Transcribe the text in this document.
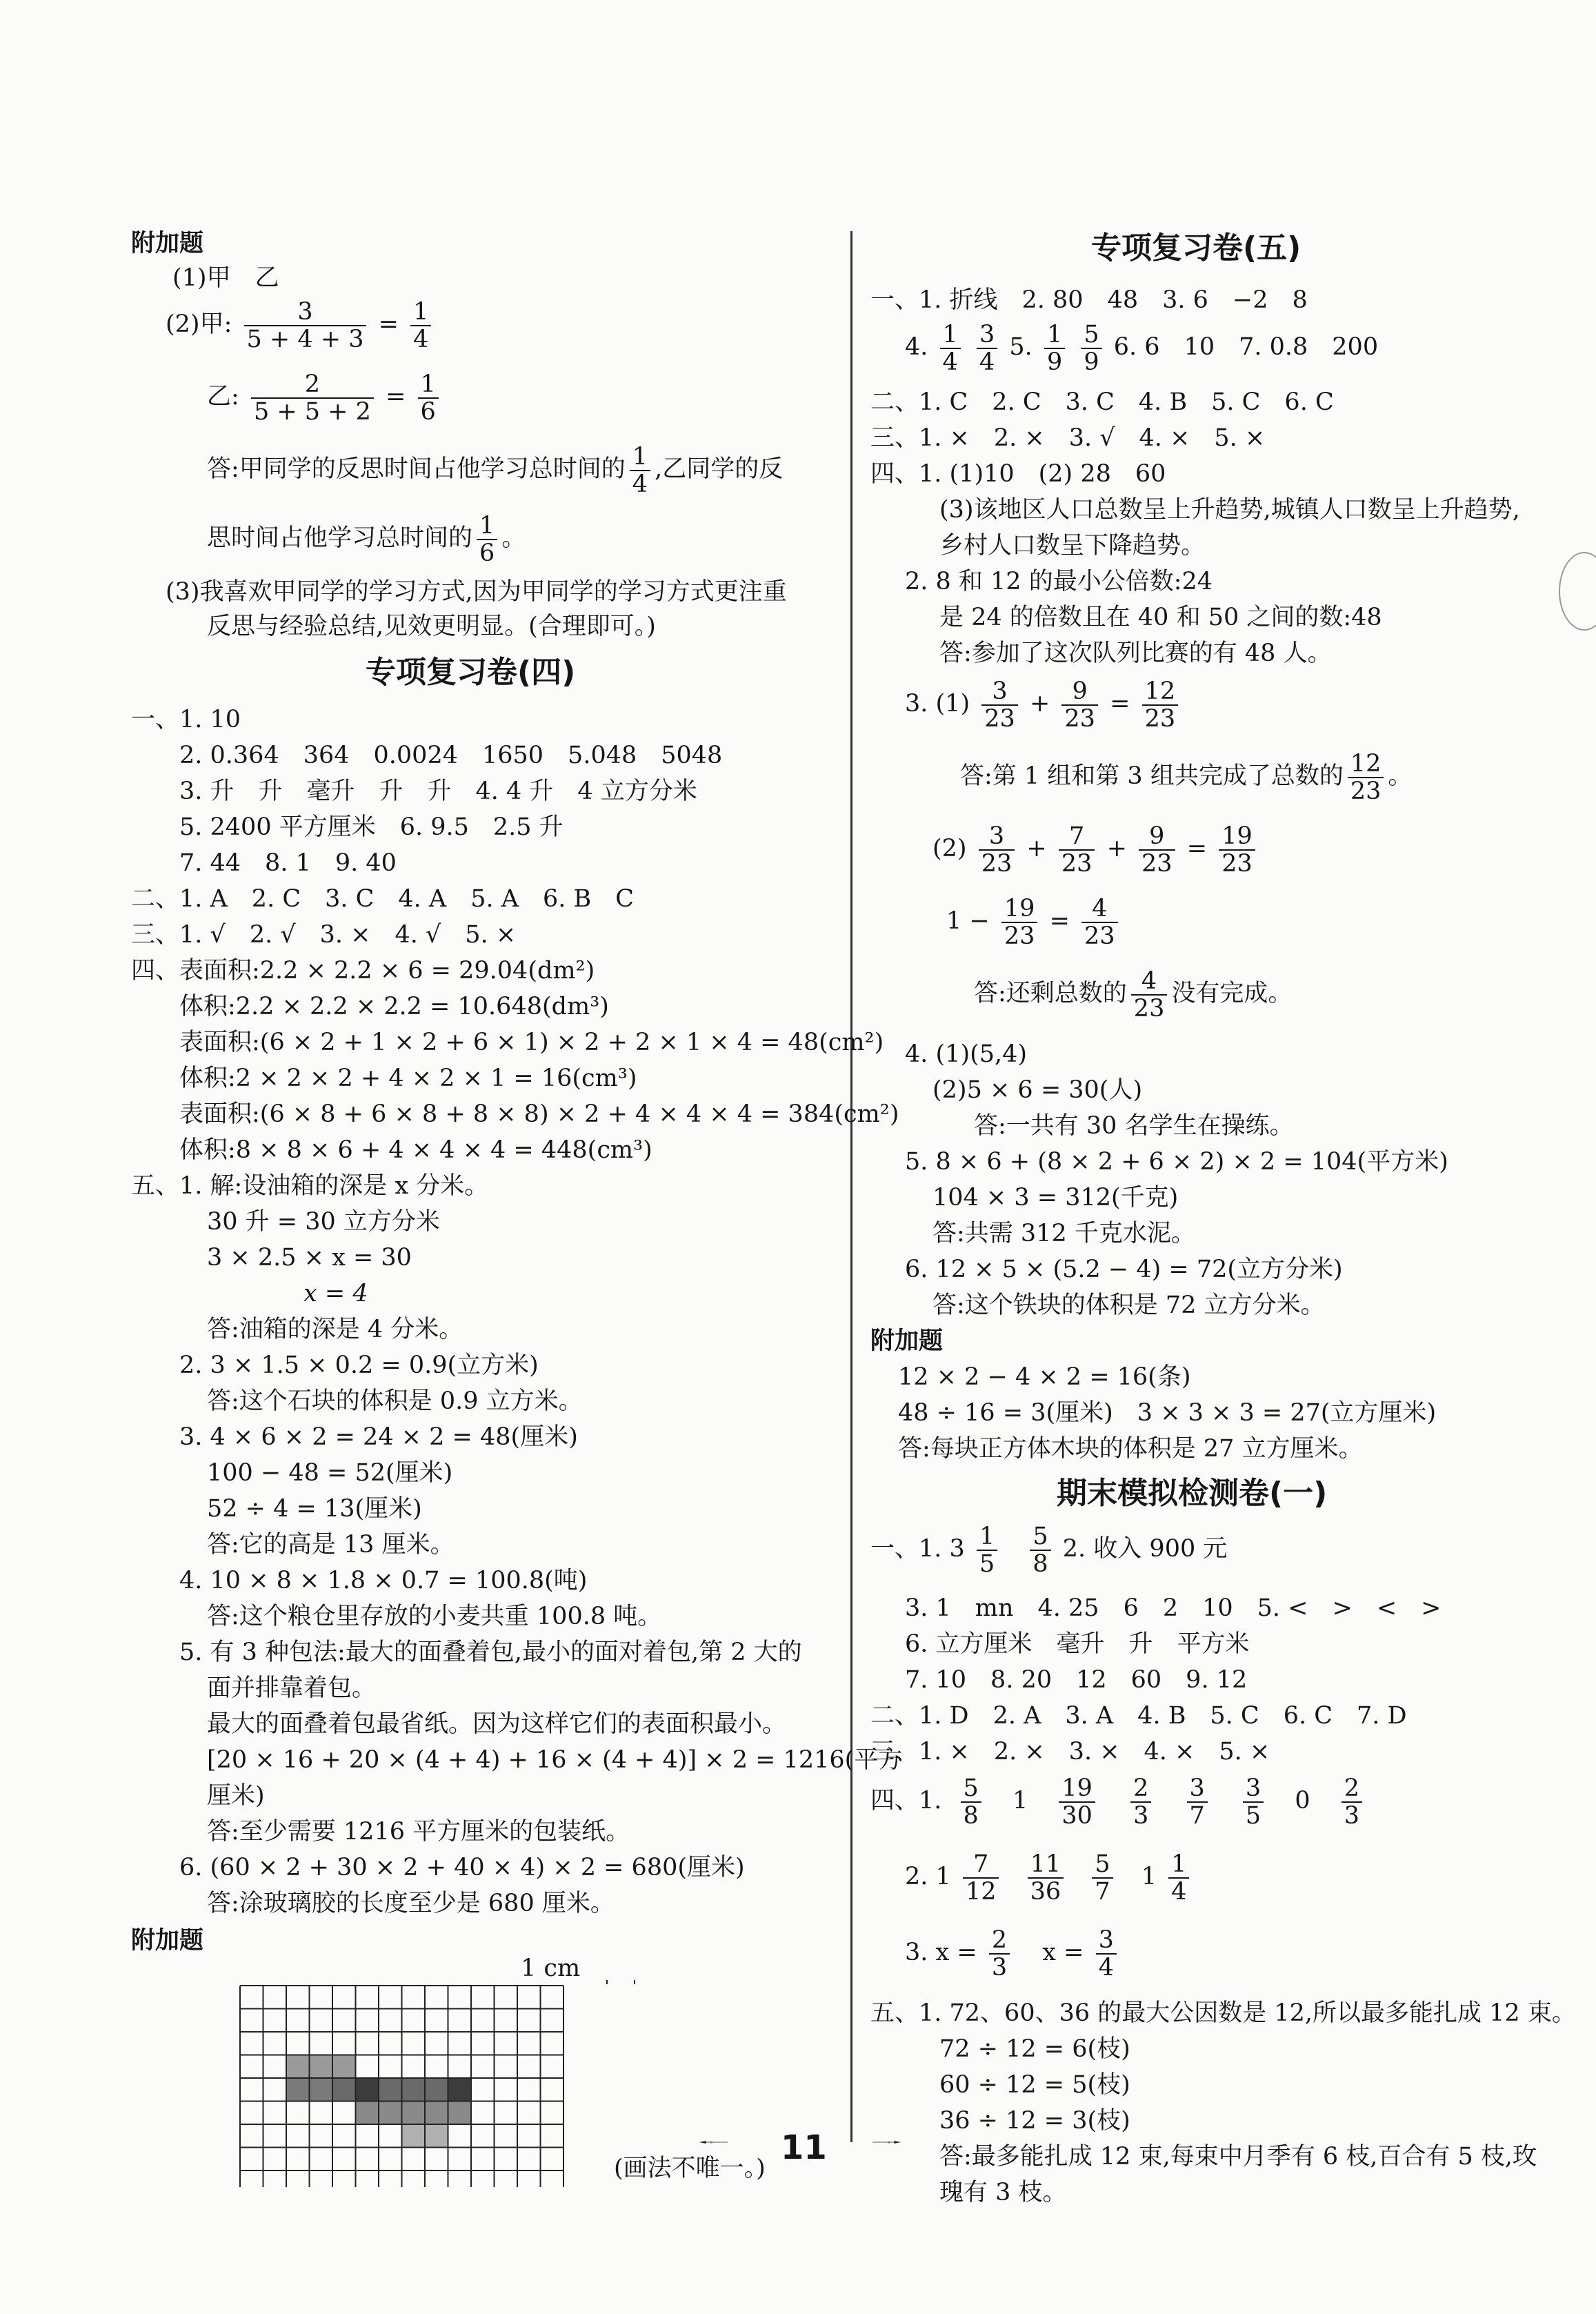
附加题
(1)甲　乙
(2)甲: $\frac{3}{5 + 4 + 3} = \frac{1}{4}$
乙: $\frac{2}{5 + 5 + 2} = \frac{1}{6}$
答:甲同学的反思时间占他学习总时间的 $\frac{1}{4}$ ,乙同学的反
思时间占他学习总时间的 $\frac{1}{6}$ 。
(3)我喜欢甲同学的学习方式,因为甲同学的学习方式更注重
反思与经验总结,见效更明显。(合理即可。)
专项复习卷(四)
一、1. 10
2. 0.364　364　0.0024　1650　5.048　5048
3. 升　升　毫升　升　升　4. 4 升　4 立方分米
5. 2400 平方厘米　6. 9.5　2.5 升
7. 44　8. 1　9. 40
二、1. A　2. C　3. C　4. A　5. A　6. B　C
三、1. √　2. √　3. ×　4. √　5. ×
四、表面积:2.2 × 2.2 × 6 = 29.04(dm²)
体积:2.2 × 2.2 × 2.2 = 10.648(dm³)
表面积:(6 × 2 + 1 × 2 + 6 × 1) × 2 + 2 × 1 × 4 = 48(cm²)
体积:2 × 2 × 2 + 4 × 2 × 1 = 16(cm³)
表面积:(6 × 8 + 6 × 8 + 8 × 8) × 2 + 4 × 4 × 4 = 384(cm²)
体积:8 × 8 × 6 + 4 × 4 × 4 = 448(cm³)
五、1. 解:设油箱的深是 x 分米。
30 升 = 30 立方分米
3 × 2.5 × x = 30
x = 4
答:油箱的深是 4 分米。
2. 3 × 1.5 × 0.2 = 0.9(立方米)
答:这个石块的体积是 0.9 立方米。
3. 4 × 6 × 2 = 24 × 2 = 48(厘米)
100 − 48 = 52(厘米)
52 ÷ 4 = 13(厘米)
答:它的高是 13 厘米。
4. 10 × 8 × 1.8 × 0.7 = 100.8(吨)
答:这个粮仓里存放的小麦共重 100.8 吨。
5. 有 3 种包法:最大的面叠着包,最小的面对着包,第 2 大的
面并排靠着包。
最大的面叠着包最省纸。因为这样它们的表面积最小。
[20 × 16 + 20 × (4 + 4) + 16 × (4 + 4)] × 2 = 1216(平方
厘米)
答:至少需要 1216 平方厘米的包装纸。
6. (60 × 2 + 30 × 2 + 40 × 4) × 2 = 680(厘米)
答:涂玻璃胶的长度至少是 680 厘米。
附加题
1 cm
(画法不唯一。)
专项复习卷(五)
一、1. 折线　2. 80　48　3. 6　−2　8
4. $\frac{1}{4}$
$\frac{3}{4} 5$. $\frac{1}{9}$
$\frac{5}{9} 6$. 6　10　7. 0.8　200
二、1. C　2. C　3. C　4. B　5. C　6. C
三、1. ×　2. ×　3. √　4. ×　5. ×
四、1. (1)10　(2) 28　60
(3)该地区人口总数呈上升趋势,城镇人口数呈上升趋势,
乡村人口数呈下降趋势。
2. 8 和 12 的最小公倍数:24
是 24 的倍数且在 40 和 50 之间的数:48
答:参加了这次队列比赛的有 48 人。
3. $(1) \frac{3}{23} + \frac{9}{23} = \frac{12}{23}$
答:第 1 组和第 3 组共完成了总数的 $\frac{12}{23}$ 。
$(2) \frac{3}{23} + \frac{7}{23} + \frac{9}{23} = \frac{19}{23}$
$1 - \frac{19}{23} = \frac{4}{23}$
答:还剩总数的 $\frac{4}{23}$ 没有完成。
4. (1)(5,4)
(2)5 × 6 = 30(人)
答:一共有 30 名学生在操练。
5. 8 × 6 + (8 × 2 + 6 × 2) × 2 = 104(平方米)
104 × 3 = 312(千克)
答:共需 312 千克水泥。
6. 12 × 5 × (5.2 − 4) = 72(立方分米)
答:这个铁块的体积是 72 立方分米。
附加题
12 × 2 − 4 × 2 = 16(条)
48 ÷ 16 = 3(厘米)　3 × 3 × 3 = 27(立方厘米)
答:每块正方体木块的体积是 27 立方厘米。
期末模拟检测卷(一)
一、1. $3 \frac{1}{5}$
$\frac{5}{8} 2$. 收入 900 元
3. 1　mn　4. 25　6　2　10　5. <　>　<　>
6. 立方厘米　毫升　升　平方米
7. 10　8. 20　12　60　9. 12
二、1. D　2. A　3. A　4. B　5. C　6. C　7. D
三、1. ×　2. ×　3. ×　4. ×　5. ×
四、1. $\frac{5}{8} 1 \frac{19}{30}$
$\frac{2}{3}$
$\frac{3}{7}$
$\frac{3}{5} 0 \frac{2}{3}$
2. $1 \frac{7}{12}$
$\frac{11}{36}$
$\frac{5}{7} 1 \frac{1}{4}$
3. $x = \frac{2}{3}$ $x = \frac{3}{4}$
五、1. 72、60、36 的最大公因数是 12,所以最多能扎成 12 束。
72 ÷ 12 = 6(枝)
60 ÷ 12 = 5(枝)
36 ÷ 12 = 3(枝)
答:最多能扎成 12 束,每束中月季有 6 枝,百合有 5 枝,玫
瑰有 3 枝。
11
